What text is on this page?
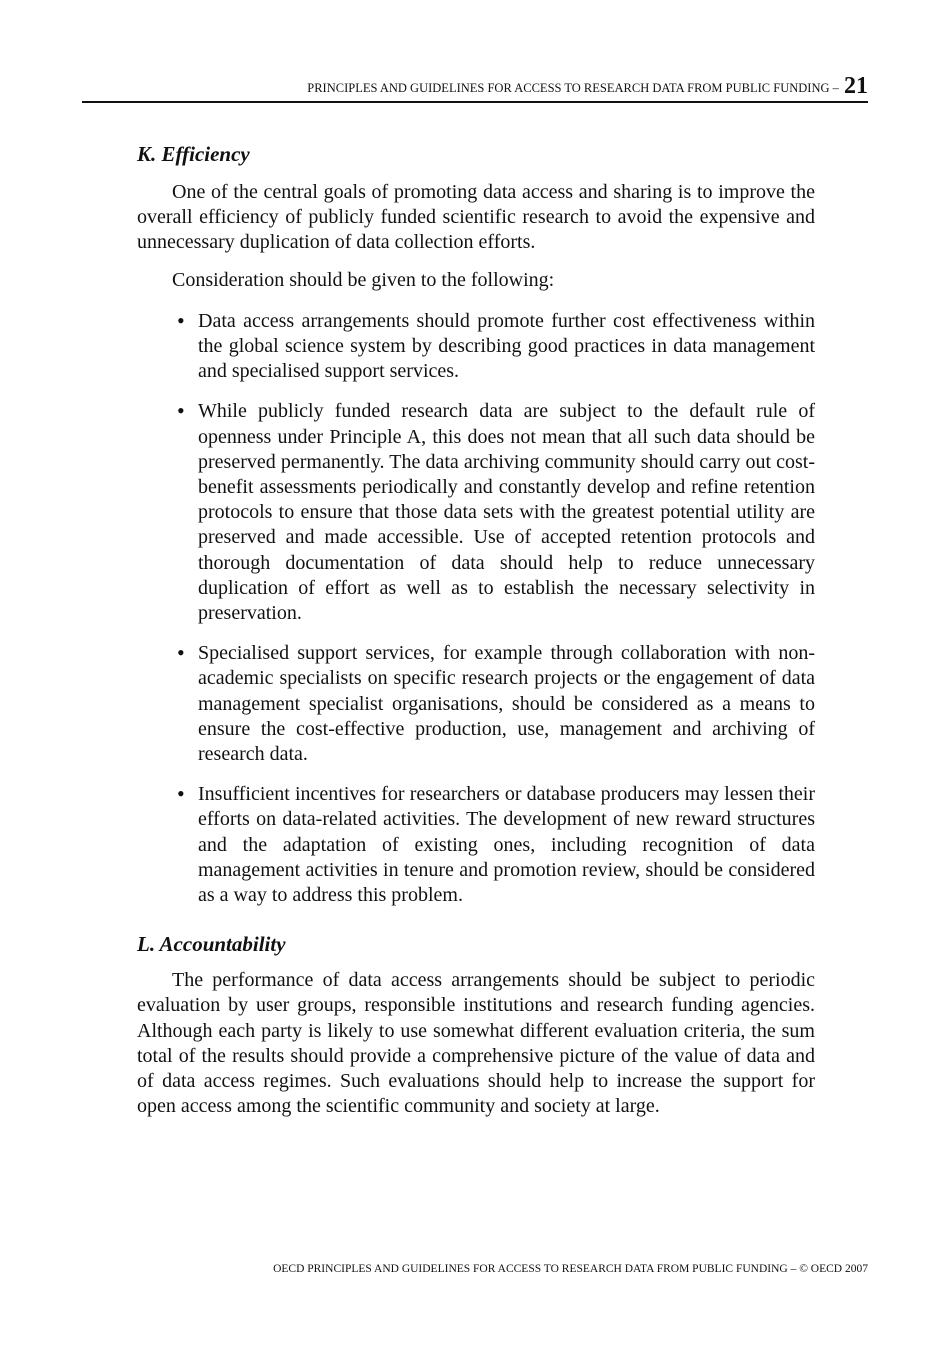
PRINCIPLES AND GUIDELINES FOR ACCESS TO RESEARCH DATA FROM PUBLIC FUNDING – 21
K. Efficiency

One of the central goals of promoting data access and sharing is to improve the overall efficiency of publicly funded scientific research to avoid the expensive and unnecessary duplication of data collection efforts.

Consideration should be given to the following:

• Data access arrangements should promote further cost effectiveness within the global science system by describing good practices in data management and specialised support services.
• While publicly funded research data are subject to the default rule of openness under Principle A, this does not mean that all such data should be preserved permanently. The data archiving community should carry out cost-benefit assessments periodically and constantly develop and refine retention protocols to ensure that those data sets with the greatest potential utility are preserved and made accessible. Use of accepted retention protocols and thorough documentation of data should help to reduce unnecessary duplication of effort as well as to establish the necessary selectivity in preservation.
• Specialised support services, for example through collaboration with non-academic specialists on specific research projects or the engagement of data management specialist organisations, should be considered as a means to ensure the cost-effective production, use, management and archiving of research data.
• Insufficient incentives for researchers or database producers may lessen their efforts on data-related activities. The development of new reward structures and the adaptation of existing ones, including recognition of data management activities in tenure and promotion review, should be considered as a way to address this problem.
L. Accountability

The performance of data access arrangements should be subject to periodic evaluation by user groups, responsible institutions and research funding agencies. Although each party is likely to use somewhat different evaluation criteria, the sum total of the results should provide a comprehensive picture of the value of data and of data access regimes. Such evaluations should help to increase the support for open access among the scientific community and society at large.

OECD PRINCIPLES AND GUIDELINES FOR ACCESS TO RESEARCH DATA FROM PUBLIC FUNDING – © OECD 2007
